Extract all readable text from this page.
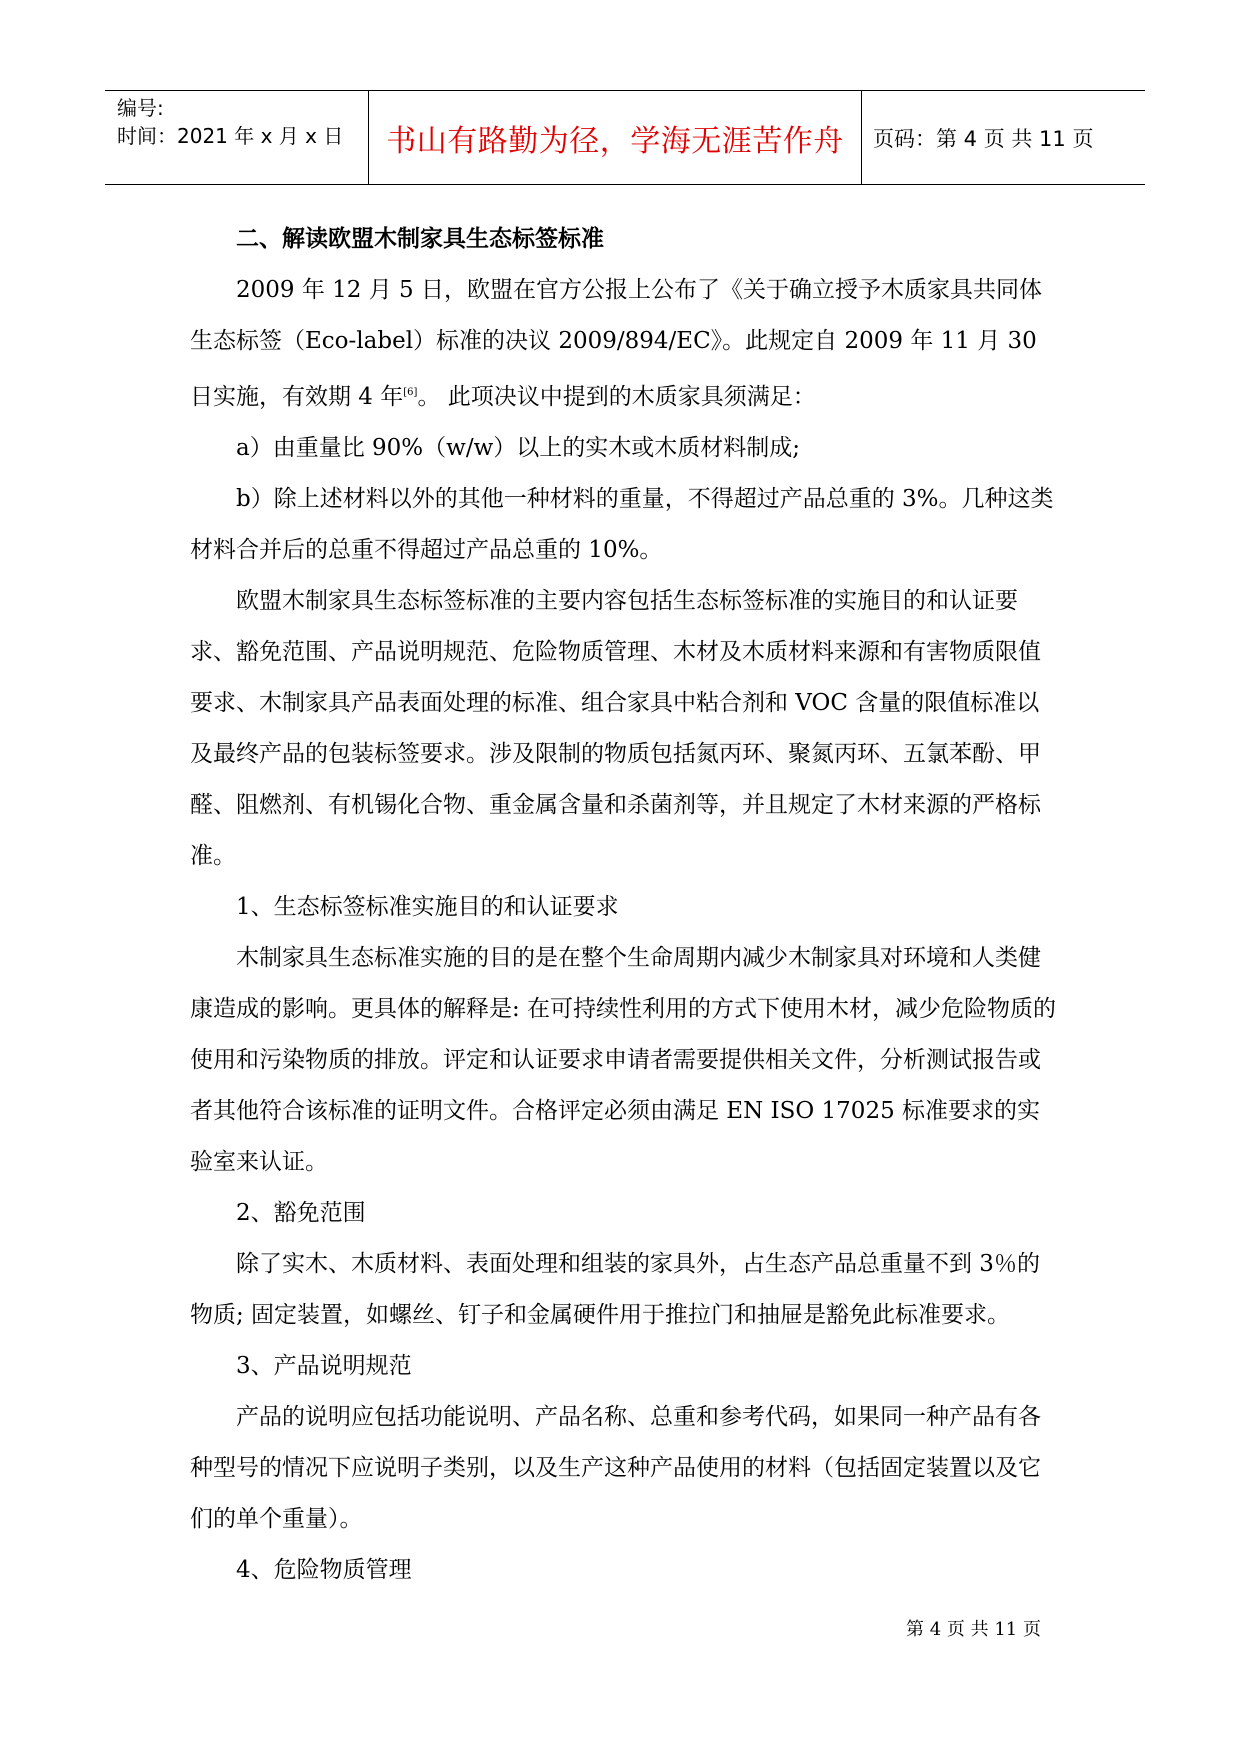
编号:
时间：2021 年 x 月 x 日	书山有路勤为径，学海无涯苦作舟	页码：第 4 页 共 11 页

二、解读欧盟木制家具生态标签标准

2009 年 12 月 5 日，欧盟在官方公报上公布了《关于确立授予木质家具共同体生态标签（Eco-label）标准的决议 2009/894/EC》。此规定自 2009 年 11 月 30 日实施，有效期 4 年[6]。 此项决议中提到的木质家具须满足：

a）由重量比 90%（w/w）以上的实木或木质材料制成;

b）除上述材料以外的其他一种材料的重量，不得超过产品总重的 3%。几种这类材料合并后的总重不得超过产品总重的 10%。

欧盟木制家具生态标签标准的主要内容包括生态标签标准的实施目的和认证要求、豁免范围、产品说明规范、危险物质管理、木材及木质材料来源和有害物质限值要求、木制家具产品表面处理的标准、组合家具中粘合剂和 VOC 含量的限值标准以及最终产品的包装标签要求。涉及限制的物质包括氮丙环、聚氮丙环、五氯苯酚、甲醛、阻燃剂、有机锡化合物、重金属含量和杀菌剂等，并且规定了木材来源的严格标准。

1、生态标签标准实施目的和认证要求

木制家具生态标准实施的目的是在整个生命周期内减少木制家具对环境和人类健康造成的影响。更具体的解释是: 在可持续性利用的方式下使用木材，减少危险物质的使用和污染物质的排放。评定和认证要求申请者需要提供相关文件，分析测试报告或者其他符合该标准的证明文件。合格评定必须由满足 EN ISO 17025 标准要求的实验室来认证。

2、豁免范围

除了实木、木质材料、表面处理和组装的家具外，占生态产品总重量不到 3％的物质; 固定装置，如螺丝、钉子和金属硬件用于推拉门和抽屉是豁免此标准要求。

3、产品说明规范

产品的说明应包括功能说明、产品名称、总重和参考代码，如果同一种产品有各种型号的情况下应说明子类别，以及生产这种产品使用的材料（包括固定装置以及它们的单个重量）。

4、危险物质管理

第 4 页 共 11 页
